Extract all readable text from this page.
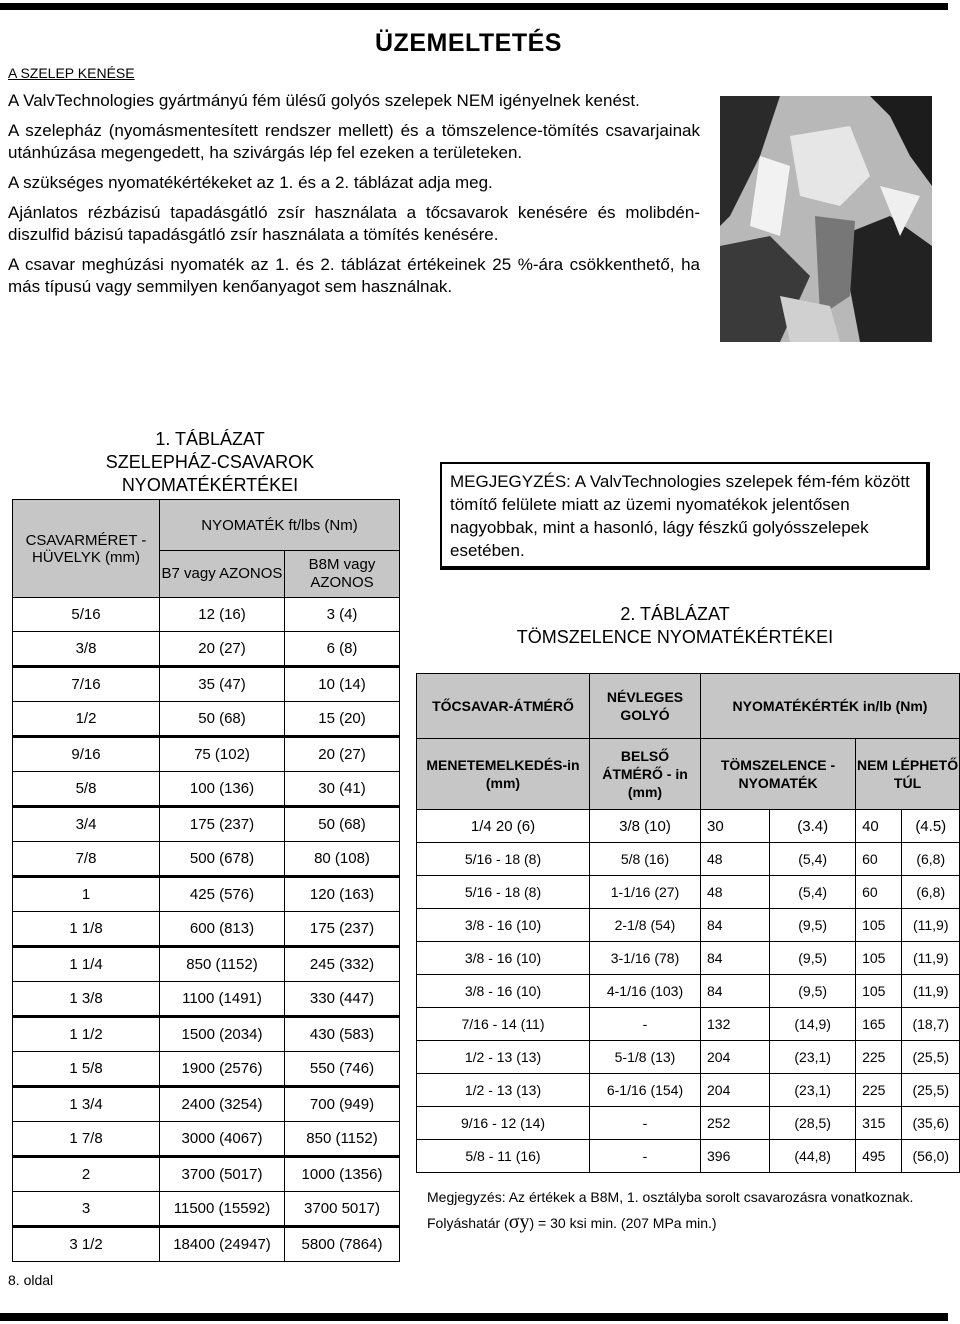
ÜZEMELTETÉS
A SZELEP KENÉSE

A ValvTechnologies gyártmányú fém ülésű golyós szelepek NEM igényelnek kenést.

A szelepház (nyomásmentesített rendszer mellett) és a tömszelence-tömítés csavarjainak utánhúzása megengedett, ha szivárgás lép fel ezeken a területeken.

A szükséges nyomatékértékeket az 1. és a 2. táblázat adja meg.

Ajánlatos rézbázisú tapadásgátló zsír használata a tőcsavarok kenésére és molibdén-diszulfid bázisú tapadásgátló zsír használata a tömítés kenésére.

A csavar meghúzási nyomaték az 1. és 2. táblázat értékeinek 25 %-ára csökkenthető, ha más típusú vagy semmilyen kenőanyagot sem használnak.

1. TÁBLÁZAT
SZELEPHÁZ-CSAVAROK
NYOMATÉKÉRTÉKEI
CSAVARMÉRET - HÜVELYK (mm)	NYOMATÉK ft/lbs (Nm)	
	B7 vagy AZONOS	B8M vagy AZONOS
5/16	12 (16)	3 (4)
3/8	20 (27)	6 (8)
7/16	35 (47)	10 (14)
1/2	50 (68)	15 (20)
9/16	75 (102)	20 (27)
5/8	100 (136)	30 (41)
3/4	175 (237)	50 (68)
7/8	500 (678)	80 (108)
1	425 (576)	120 (163)
1 1/8	600 (813)	175 (237)
1 1/4	850 (1152)	245 (332)
1 3/8	1100 (1491)	330 (447)
1 1/2	1500 (2034)	430 (583)
1 5/8	1900 (2576)	550 (746)
1 3/4	2400 (3254)	700 (949)
1 7/8	3000 (4067)	850 (1152)
2	3700 (5017)	1000 (1356)
3	11500 (15592)	3700 5017)
3 1/2	18400 (24947)	5800 (7864)
MEGJEGYZÉS: A ValvTechnologies szelepek fém-fém között tömítő felülete miatt az üzemi nyomatékok jelentősen nagyobbak, mint a hasonló, lágy fészkű golyósszelepek esetében.
2. TÁBLÁZAT
TÖMSZELENCE NYOMATÉKÉRTÉKEI
TŐCSAVAR-ÁTMÉRŐ	NÉVLEGES GOLYÓ	NYOMATÉKÉRTÉK in/lb (Nm)			
MENETEMELKEDÉS-in (mm)	BELSŐ ÁTMÉRŐ - in (mm)	TÖMSZELENCE -NYOMATÉK		NEM LÉPHETŐ TÚL	
1/4 20 (6)	3/8 (10)	30	(3.4)	40	(4.5)
5/16 - 18 (8)	5/8 (16)	48	(5,4)	60	(6,8)
5/16 - 18 (8)	1-1/16 (27)	48	(5,4)	60	(6,8)
3/8 - 16 (10)	2-1/8 (54)	84	(9,5)	105	(11,9)
3/8 - 16 (10)	3-1/16 (78)	84	(9,5)	105	(11,9)
3/8 - 16 (10)	4-1/16 (103)	84	(9,5)	105	(11,9)
7/16 - 14 (11)	-	132	(14,9)	165	(18,7)
1/2 - 13 (13)	5-1/8 (13)	204	(23,1)	225	(25,5)
1/2 - 13 (13)	6-1/16 (154)	204	(23,1)	225	(25,5)
9/16 - 12 (14)	-	252	(28,5)	315	(35,6)
5/8 - 11 (16)	-	396	(44,8)	495	(56,0)
Megjegyzés: Az értékek a B8M, 1. osztályba sorolt csavarozásra vonatkoznak.
Folyáshatár (σy) = 30 ksi min. (207 MPa min.)
8. oldal
